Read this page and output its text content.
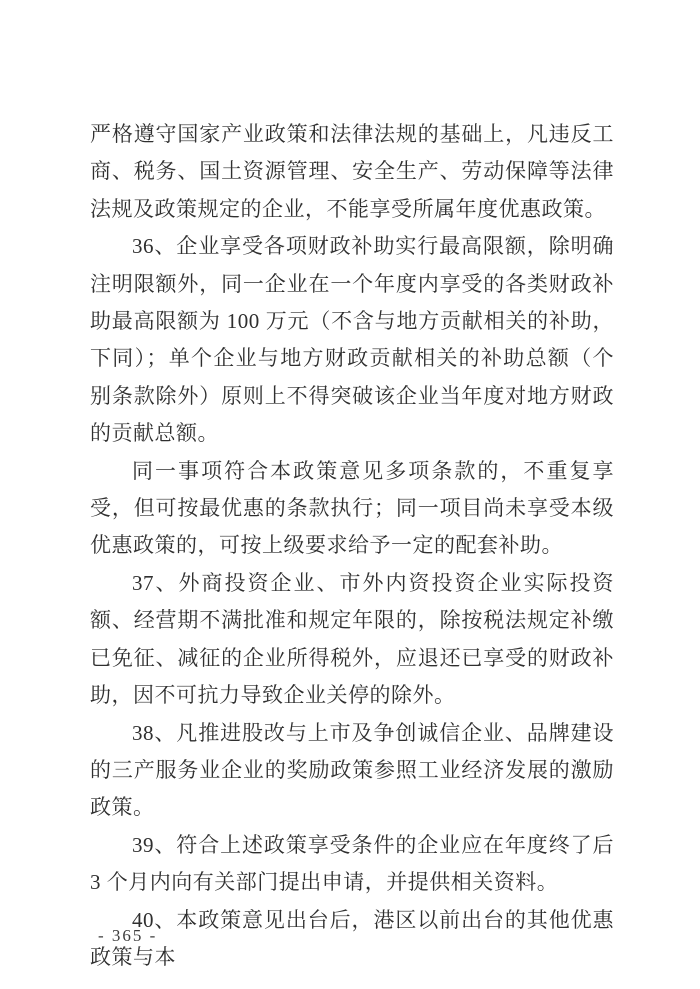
严格遵守国家产业政策和法律法规的基础上，凡违反工商、税务、国土资源管理、安全生产、劳动保障等法律法规及政策规定的企业，不能享受所属年度优惠政策。

36、企业享受各项财政补助实行最高限额，除明确注明限额外，同一企业在一个年度内享受的各类财政补助最高限额为 100 万元（不含与地方贡献相关的补助，下同）；单个企业与地方财政贡献相关的补助总额（个别条款除外）原则上不得突破该企业当年度对地方财政的贡献总额。

同一事项符合本政策意见多项条款的，不重复享受，但可按最优惠的条款执行；同一项目尚未享受本级优惠政策的，可按上级要求给予一定的配套补助。

37、外商投资企业、市外内资投资企业实际投资额、经营期不满批准和规定年限的，除按税法规定补缴已免征、减征的企业所得税外，应退还已享受的财政补助，因不可抗力导致企业关停的除外。

38、凡推进股改与上市及争创诚信企业、品牌建设的三产服务业企业的奖励政策参照工业经济发展的激励政策。

39、符合上述政策享受条件的企业应在年度终了后 3 个月内向有关部门提出申请，并提供相关资料。

40、本政策意见出台后，港区以前出台的其他优惠政策与本

- 365 -
